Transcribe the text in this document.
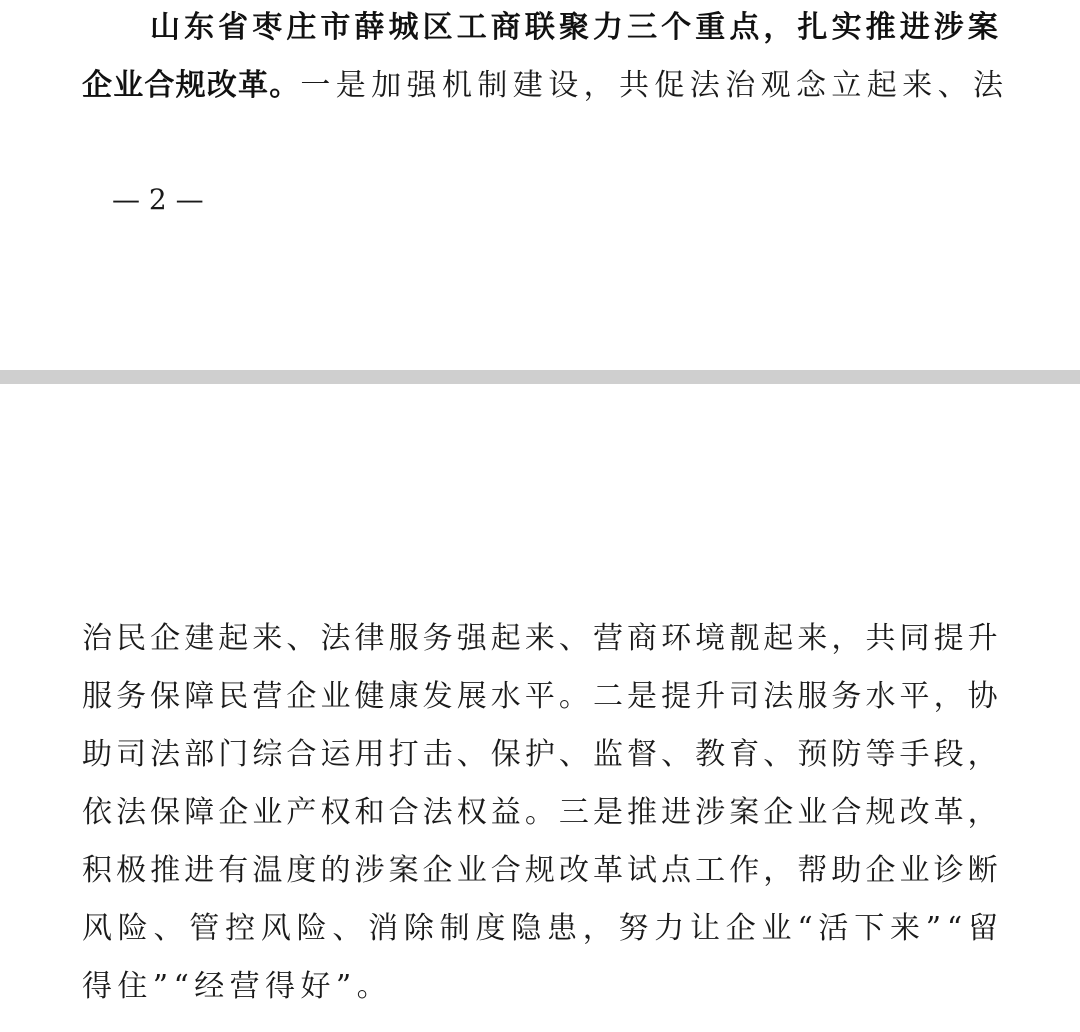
山 东 省 枣 庄 市 薛 城 区 工 商 联 聚 力 三 个 重 点 ， 扎 实 推 进 涉 案
企业合规改革。一是加强机制建设，共促法治观念立起来、法
— 2 —
治 民 企 建 起 来 、 法 律 服 务 强 起 来 、 营 商 环 境 靓 起 来 ， 共 同 提 升
服 务 保 障 民 营 企 业 健 康 发 展 水 平 。 二 是 提 升 司 法 服 务 水 平 ， 协
助 司 法 部 门 综 合 运 用 打 击 、 保 护 、 监 督 、 教 育 、 预 防 等 手 段 ，
依 法 保 障 企 业 产 权 和 合 法 权 益 。 三 是 推 进 涉 案 企 业 合 规 改 革 ，
积 极 推 进 有 温 度 的 涉 案 企 业 合 规 改 革 试 点 工 作 ， 帮 助 企 业 诊 断
风 险 、 管 控 风 险 、 消 除 制 度 隐 患 ， 努 力 让 企 业 “ 活 下 来 ” “ 留
得住”“经营得好”。
